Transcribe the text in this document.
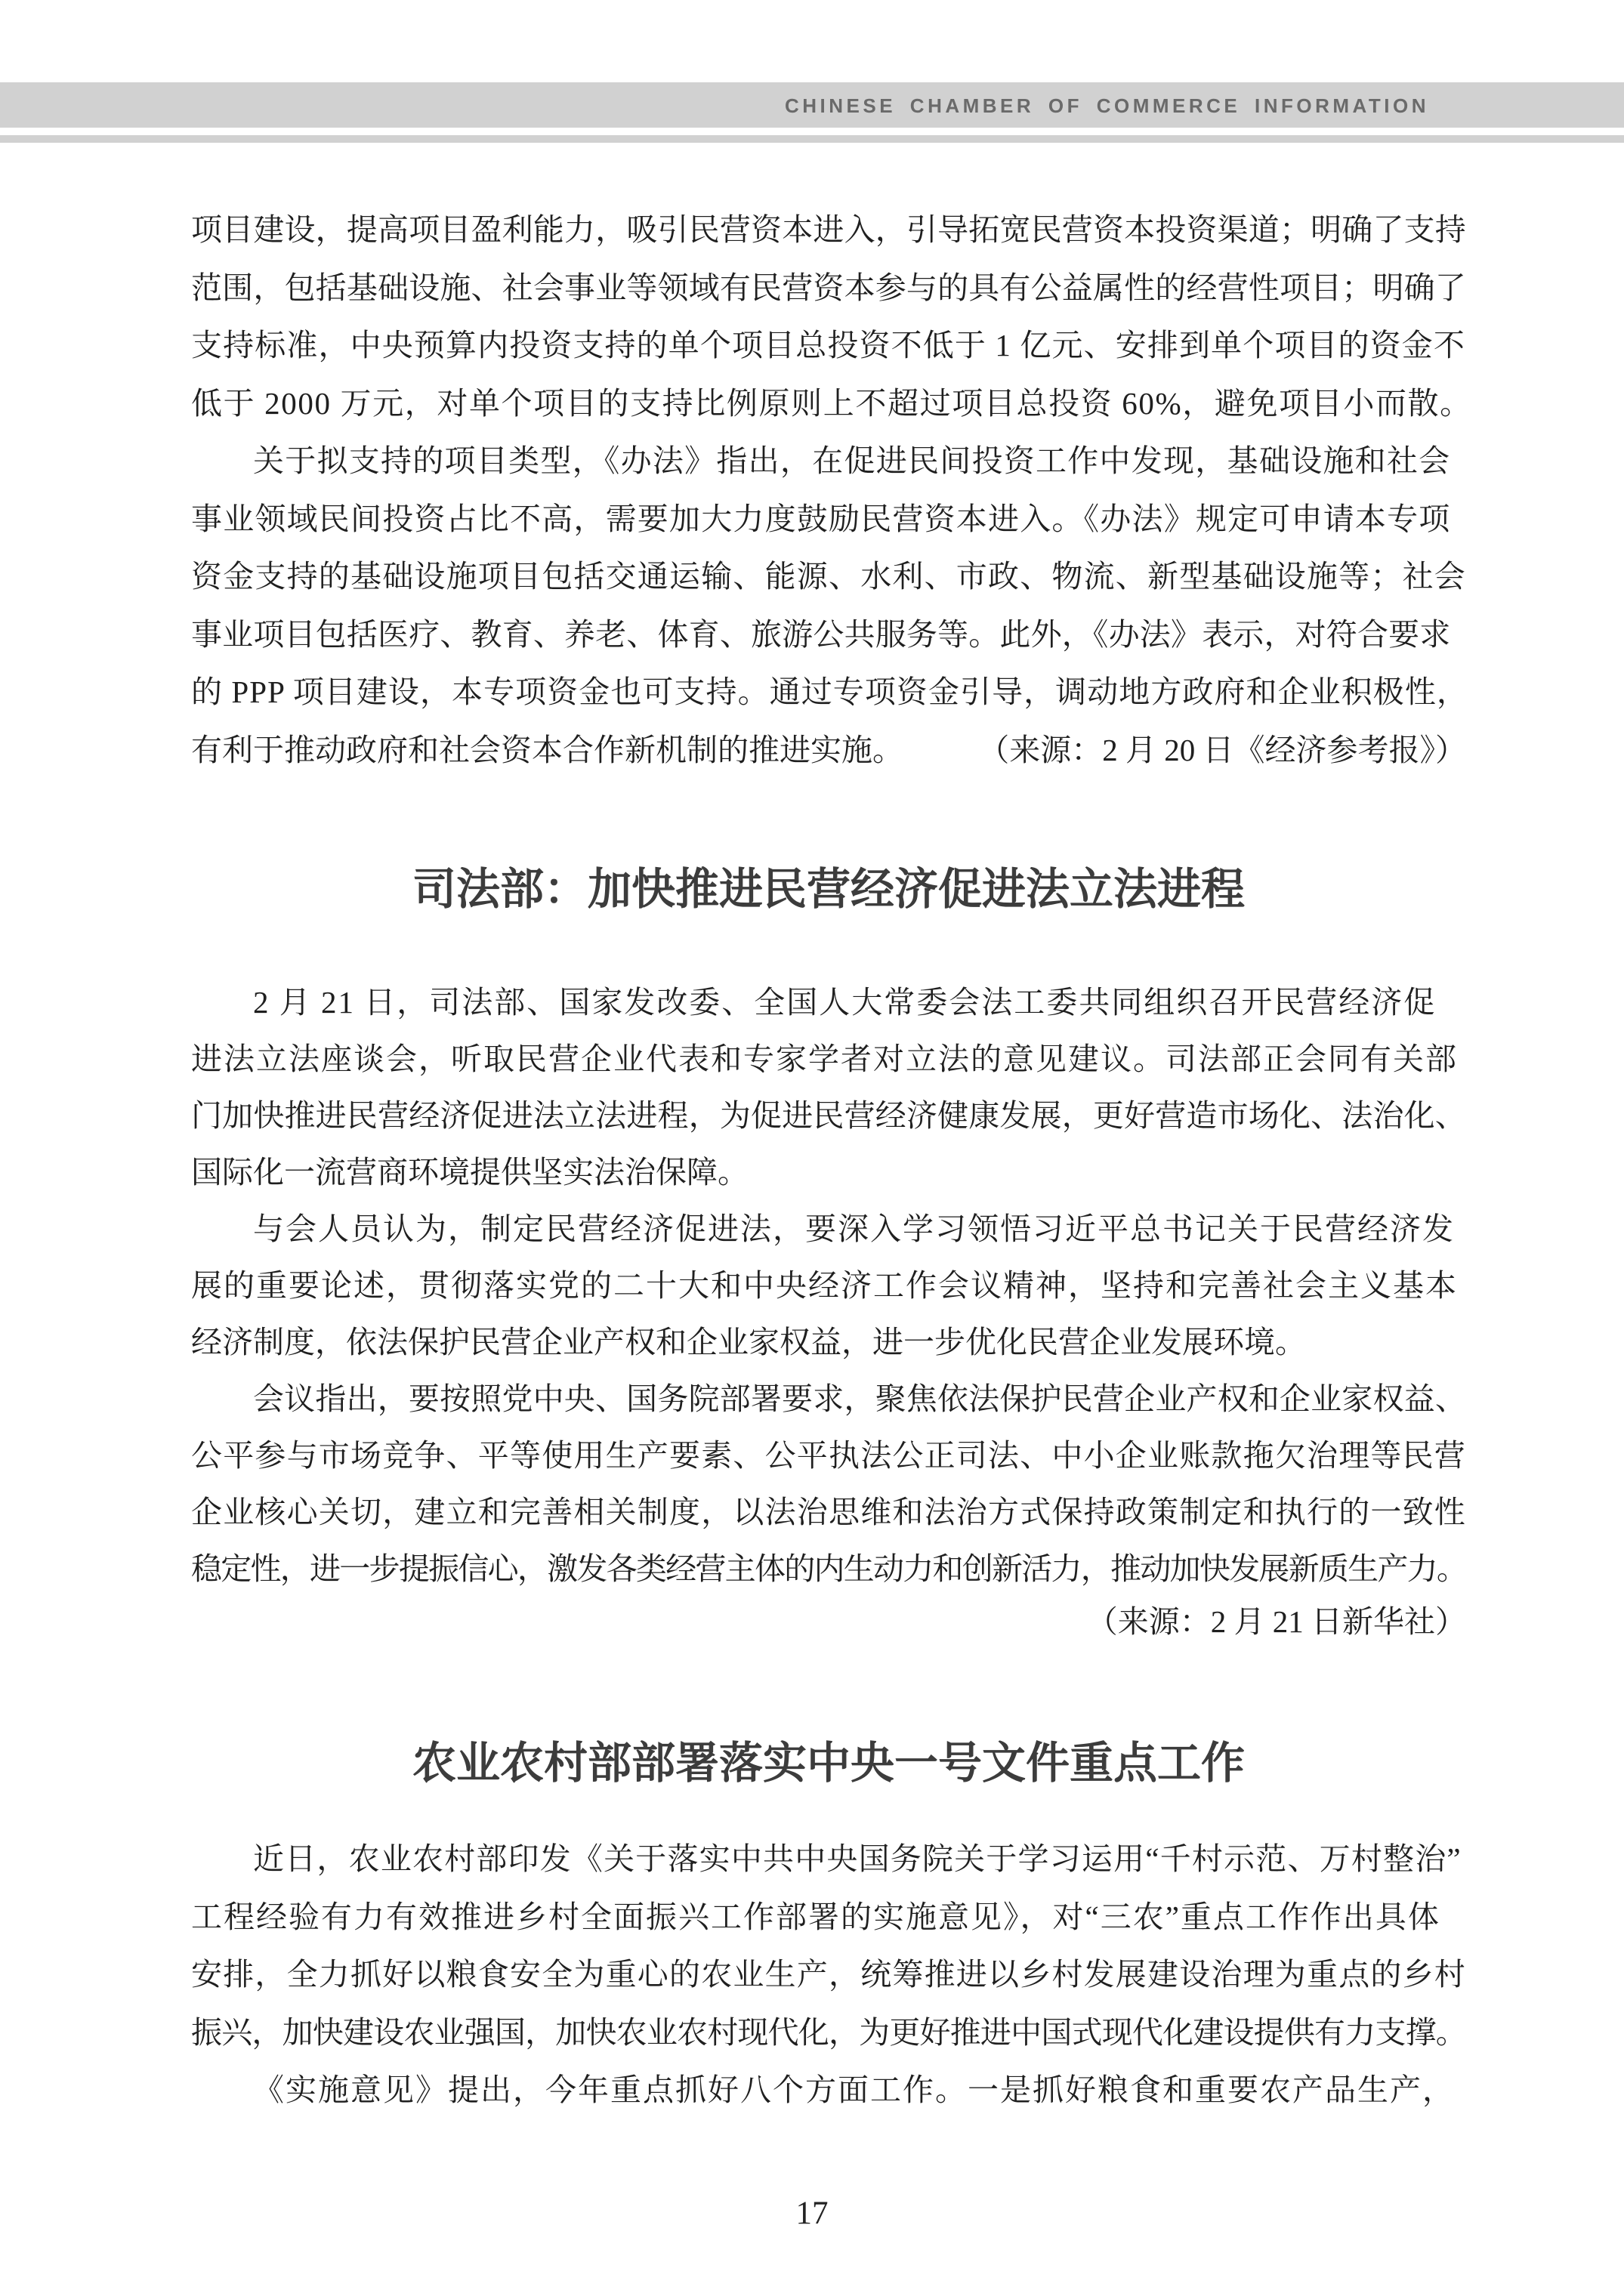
CHINESE CHAMBER OF COMMERCE INFORMATION
17
项目建设，提高项目盈利能力，吸引民营资本进入，引导拓宽民营资本投资渠道；明确了支持
范围，包括基础设施、社会事业等领域有民营资本参与的具有公益属性的经营性项目；明确了
支持标准，中央预算内投资支持的单个项目总投资不低于 1 亿元、安排到单个项目的资金不
低于 2000 万元，对单个项目的支持比例原则上不超过项目总投资 60%，避免项目小而散。
关于拟支持的项目类型，《办法》指出，在促进民间投资工作中发现，基础设施和社会
事业领域民间投资占比不高，需要加大力度鼓励民营资本进入。《办法》规定可申请本专项
资金支持的基础设施项目包括交通运输、能源、水利、市政、物流、新型基础设施等；社会
事业项目包括医疗、教育、养老、体育、旅游公共服务等。此外，《办法》表示，对符合要求
的 PPP 项目建设，本专项资金也可支持。通过专项资金引导，调动地方政府和企业积极性，
有利于推动政府和社会资本合作新机制的推进实施。 （来源：2 月 20 日《经济参考报》）
司法部：加快推进民营经济促进法立法进程
2 月 21 日，司法部、国家发改委、全国人大常委会法工委共同组织召开民营经济促
进法立法座谈会，听取民营企业代表和专家学者对立法的意见建议。司法部正会同有关部
门加快推进民营经济促进法立法进程，为促进民营经济健康发展，更好营造市场化、法治化、
国际化一流营商环境提供坚实法治保障。
与会人员认为，制定民营经济促进法，要深入学习领悟习近平总书记关于民营经济发
展的重要论述，贯彻落实党的二十大和中央经济工作会议精神，坚持和完善社会主义基本
经济制度，依法保护民营企业产权和企业家权益，进一步优化民营企业发展环境。
会议指出，要按照党中央、国务院部署要求，聚焦依法保护民营企业产权和企业家权益、
公平参与市场竞争、平等使用生产要素、公平执法公正司法、中小企业账款拖欠治理等民营
企业核心关切，建立和完善相关制度，以法治思维和法治方式保持政策制定和执行的一致性
稳定性，进一步提振信心，激发各类经营主体的内生动力和创新活力，推动加快发展新质生产力。
（来源：2 月 21 日新华社）
农业农村部部署落实中央一号文件重点工作
近日，农业农村部印发《关于落实中共中央国务院关于学习运用“千村示范、万村整治”
工程经验有力有效推进乡村全面振兴工作部署的实施意见》，对“三农”重点工作作出具体
安排，全力抓好以粮食安全为重心的农业生产，统筹推进以乡村发展建设治理为重点的乡村
振兴，加快建设农业强国，加快农业农村现代化，为更好推进中国式现代化建设提供有力支撑。
《实施意见》提出，今年重点抓好八个方面工作。一是抓好粮食和重要农产品生产，
